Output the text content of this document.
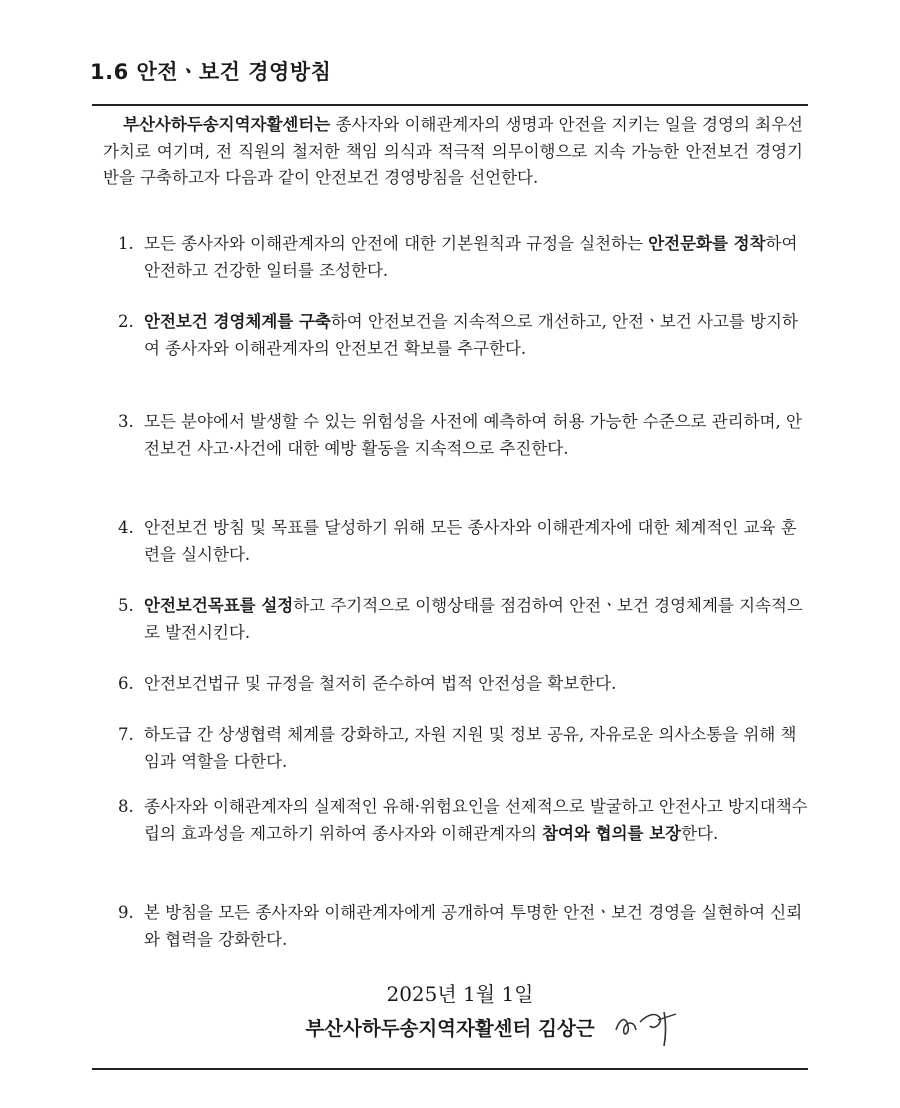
1.6 안전ㆍ보건 경영방침

부산사하두송지역자활센터는 종사자와 이해관계자의 생명과 안전을 지키는 일을 경영의 최우선 가치로 여기며, 전 직원의 철저한 책임 의식과 적극적 의무이행으로 지속 가능한 안전보건 경영기반을 구축하고자 다음과 같이 안전보건 경영방침을 선언한다.

1. 모든 종사자와 이해관계자의 안전에 대한 기본원칙과 규정을 실천하는 안전문화를 정착하여 안전하고 건강한 일터를 조성한다.

2. 안전보건 경영체계를 구축하여 안전보건을 지속적으로 개선하고, 안전ㆍ보건 사고를 방지하여 종사자와 이해관계자의 안전보건 확보를 추구한다.

3. 모든 분야에서 발생할 수 있는 위험성을 사전에 예측하여 허용 가능한 수준으로 관리하며, 안전보건 사고·사건에 대한 예방 활동을 지속적으로 추진한다.

4. 안전보건 방침 및 목표를 달성하기 위해 모든 종사자와 이해관계자에 대한 체계적인 교육 훈련을 실시한다.

5. 안전보건목표를 설정하고 주기적으로 이행상태를 점검하여 안전ㆍ보건 경영체계를 지속적으로 발전시킨다.

6. 안전보건법규 및 규정을 철저히 준수하여 법적 안전성을 확보한다.

7. 하도급 간 상생협력 체계를 강화하고, 자원 지원 및 정보 공유, 자유로운 의사소통을 위해 책임과 역할을 다한다.

8. 종사자와 이해관계자의 실제적인 유해·위험요인을 선제적으로 발굴하고 안전사고 방지대책수립의 효과성을 제고하기 위하여 종사자와 이해관계자의 참여와 협의를 보장한다.

9. 본 방침을 모든 종사자와 이해관계자에게 공개하여 투명한 안전ㆍ보건 경영을 실현하여 신뢰와 협력을 강화한다.

2025년 1월 1일
부산사하두송지역자활센터 김상근
